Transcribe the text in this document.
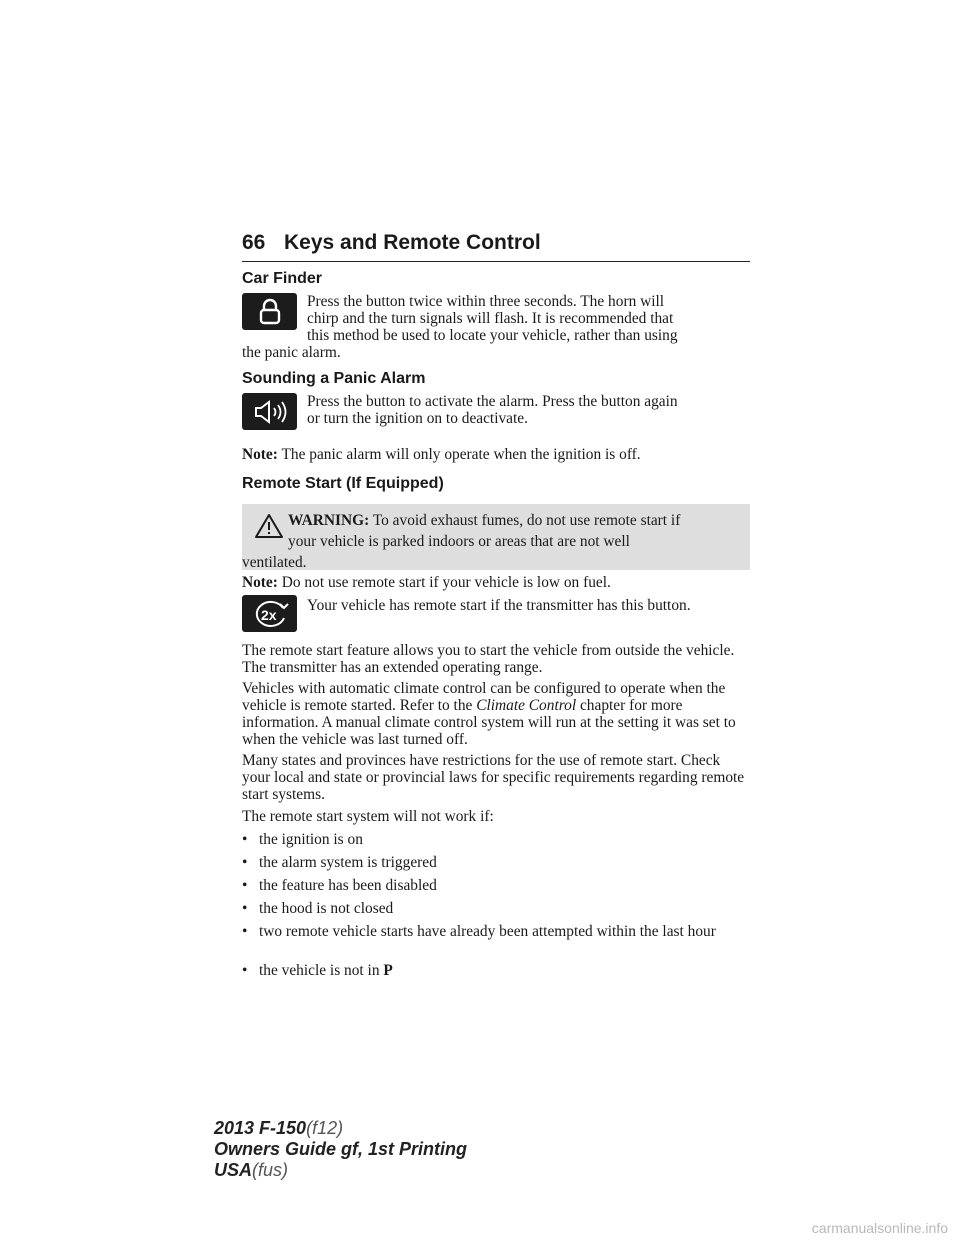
66 Keys and Remote Control
Car Finder
Press the button twice within three seconds. The horn will
chirp and the turn signals will flash. It is recommended that
this method be used to locate your vehicle, rather than using
the panic alarm.
Sounding a Panic Alarm
Press the button to activate the alarm. Press the button again
or turn the ignition on to deactivate.
Note: The panic alarm will only operate when the ignition is off.
Remote Start (If Equipped)
WARNING: To avoid exhaust fumes, do not use remote start if
your vehicle is parked indoors or areas that are not well
ventilated.
Note: Do not use remote start if your vehicle is low on fuel.
2x
Your vehicle has remote start if the transmitter has this button.
The remote start feature allows you to start the vehicle from outside the vehicle. The transmitter has an extended operating range.
Vehicles with automatic climate control can be configured to operate when the vehicle is remote started. Refer to the Climate Control chapter for more information. A manual climate control system will run at the setting it was set to when the vehicle was last turned off.
Many states and provinces have restrictions for the use of remote start. Check your local and state or provincial laws for specific requirements regarding remote start systems.
The remote start system will not work if:
• the ignition is on
• the alarm system is triggered
• the feature has been disabled
• the hood is not closed
• two remote vehicle starts have already been attempted within the last hour
• the vehicle is not in P
2013 F-150(f12)
Owners Guide gf, 1st Printing
USA(fus)
carmanualsonline.info
